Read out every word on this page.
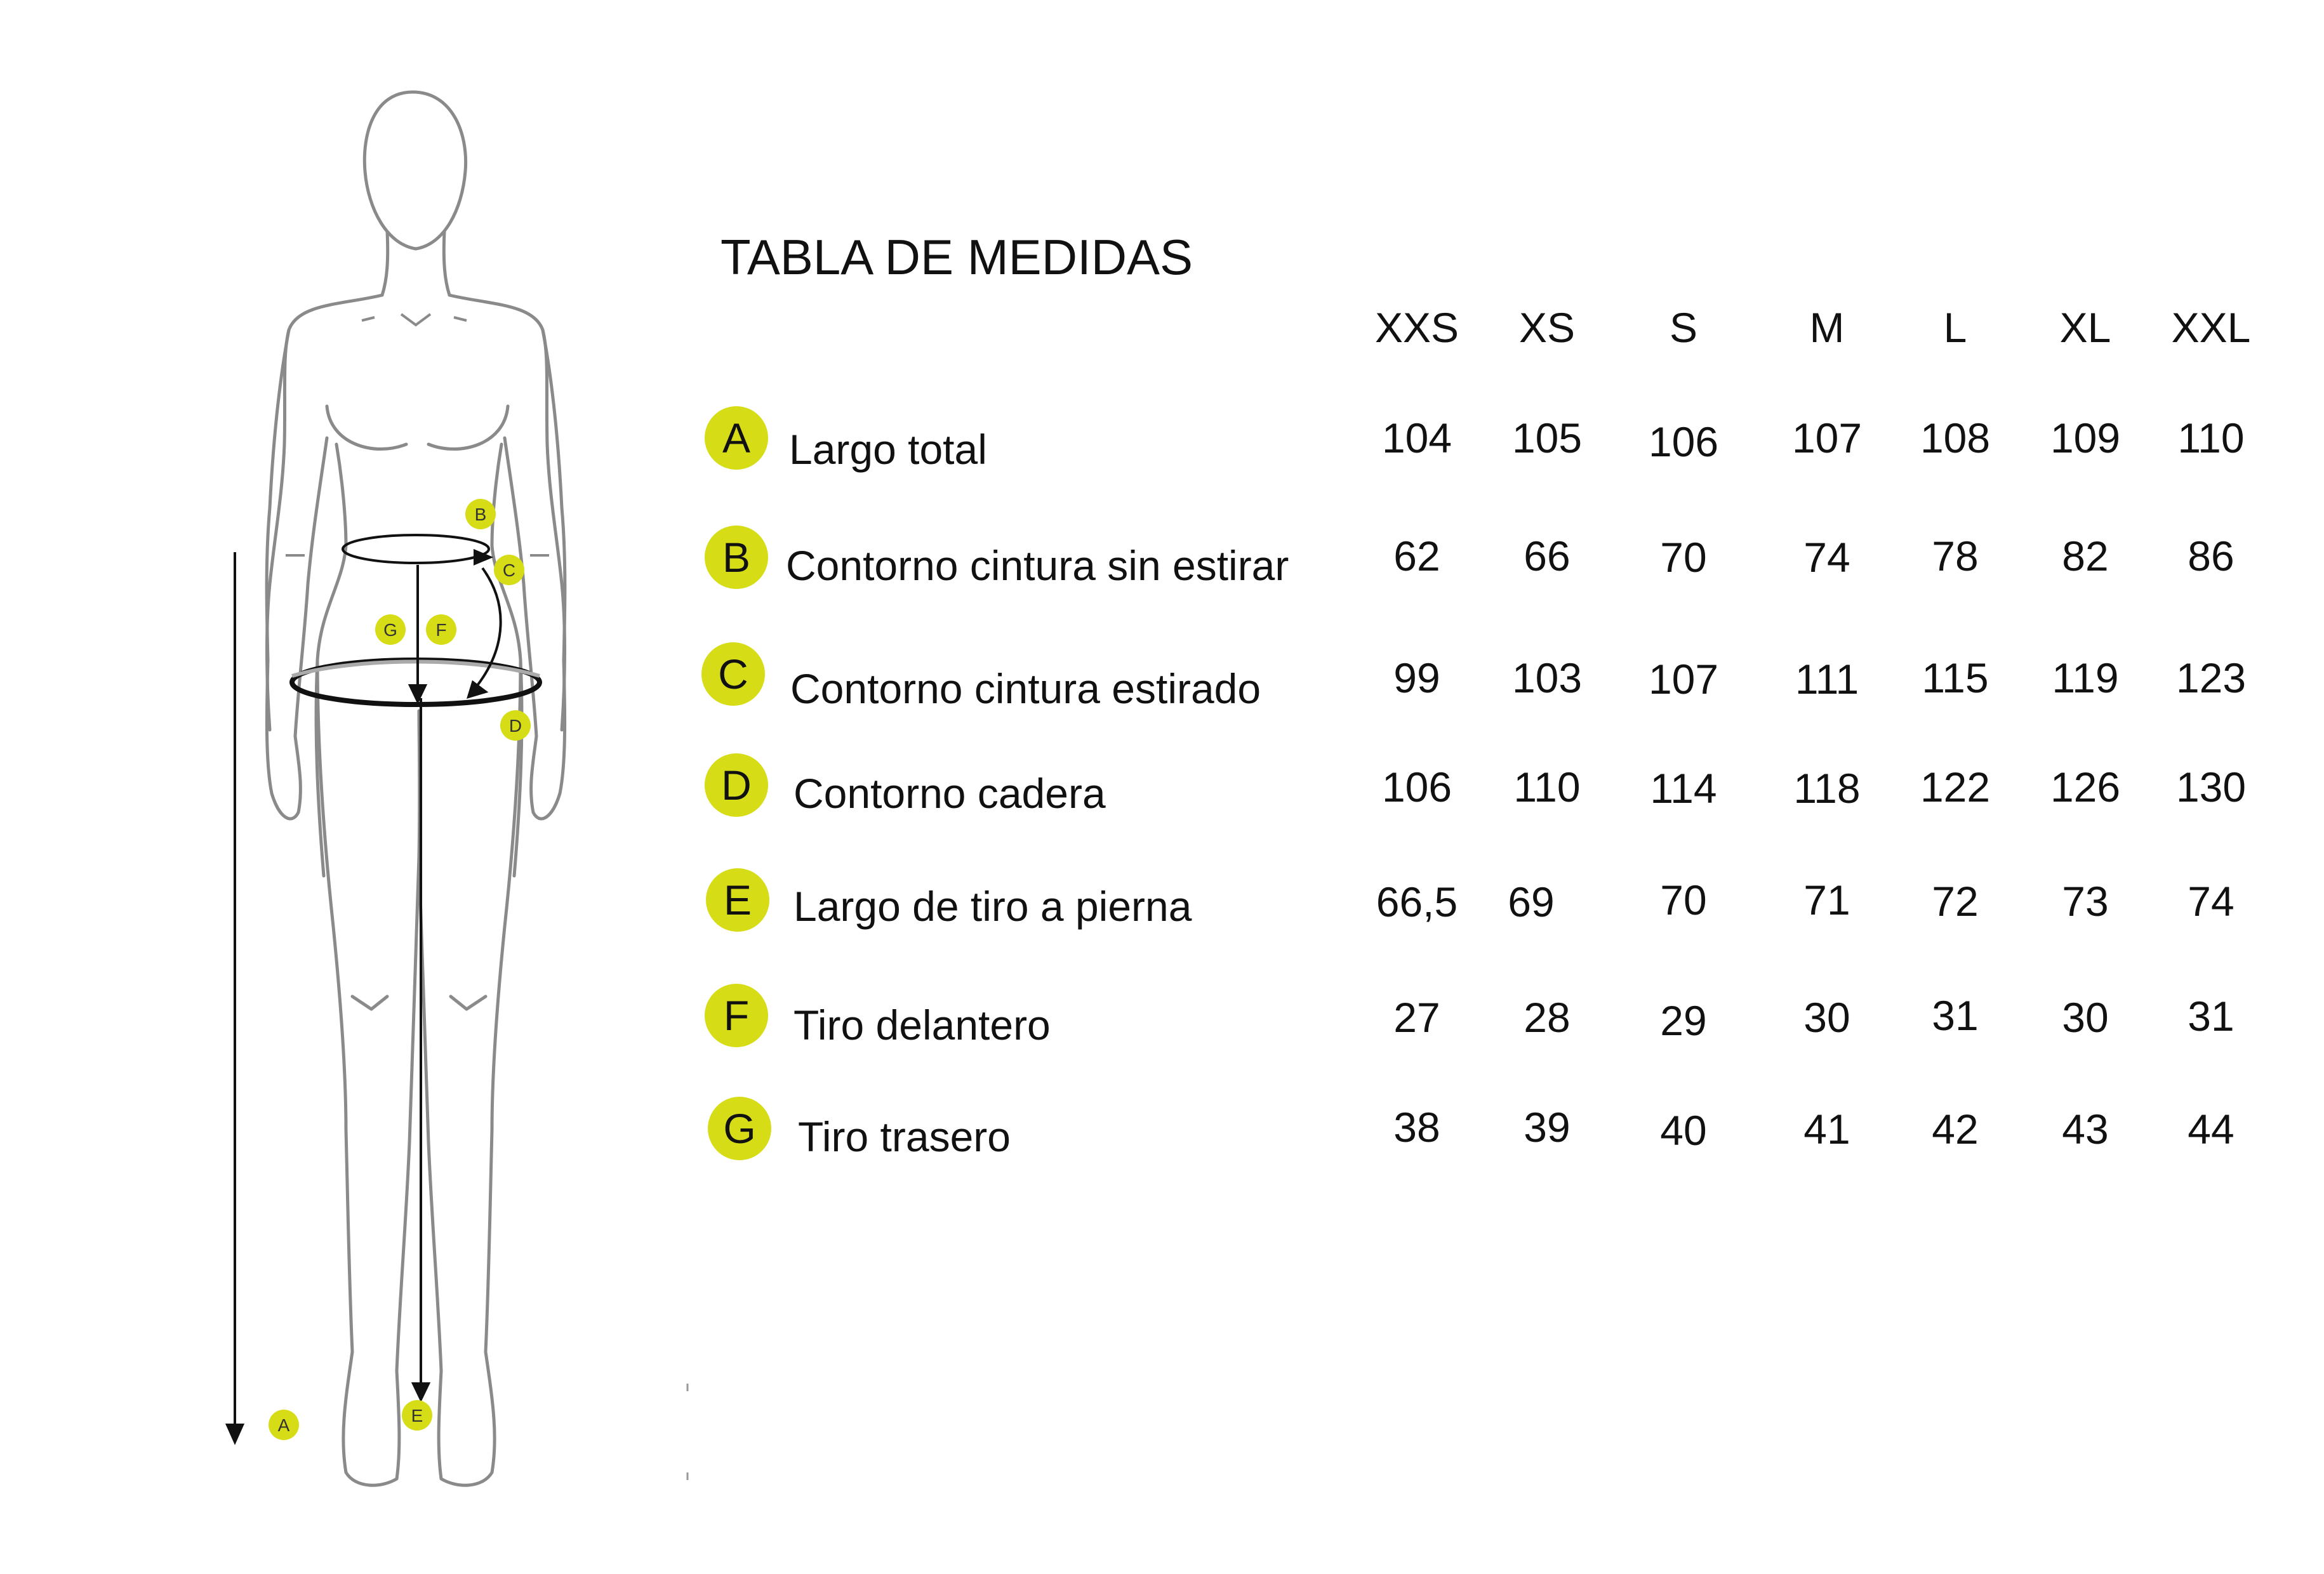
B
C
G F
D
E
A
TABLA DE MEDIDAS
XXS	XS	S	M	L	XL	XXL
A Largo total	104	105	106	107	108	109	110
B Contorno cintura sin estirar	62	66	70	74	78	82	86
C	Contorno cintura estirado	99	103	107	111	115	119	123
D	Contorno cadera	106	110	114	118	122	126	130
E Largo de tiro a pierna	66,5	69	70	71	72	73	74
F	Tiro delantero	27	28	29	30	31	30	31
G	Tiro trasero	38	39	40	41	42	43	44
